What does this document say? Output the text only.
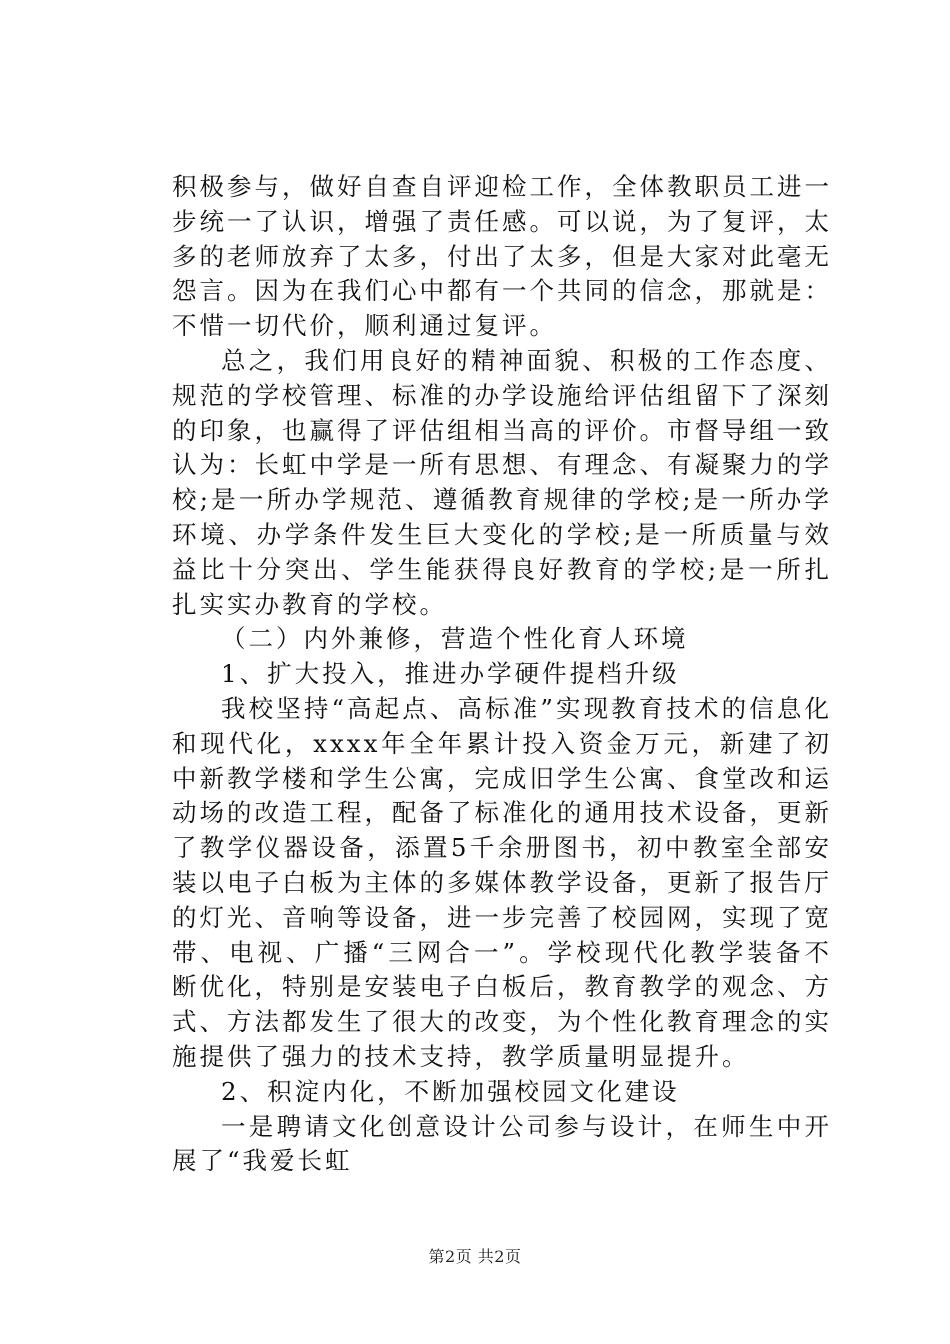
积极参与，做好自查自评迎检工作，全体教职员工进一步统一了认识，增强了责任感。可以说，为了复评，太多的老师放弃了太多，付出了太多，但是大家对此毫无怨言。因为在我们心中都有一个共同的信念，那就是：不惜一切代价，顺利通过复评。

总之，我们用良好的精神面貌、积极的工作态度、规范的学校管理、标准的办学设施给评估组留下了深刻的印象，也赢得了评估组相当高的评价。市督导组一致认为：长虹中学是一所有思想、有理念、有凝聚力的学校;是一所办学规范、遵循教育规律的学校;是一所办学环境、办学条件发生巨大变化的学校;是一所质量与效益比十分突出、学生能获得良好教育的学校;是一所扎扎实实办教育的学校。

（二）内外兼修，营造个性化育人环境

1、扩大投入，推进办学硬件提档升级

我校坚持“高起点、高标准”实现教育技术的信息化和现代化，xxxx年全年累计投入资金万元，新建了初中新教学楼和学生公寓，完成旧学生公寓、食堂改和运动场的改造工程，配备了标准化的通用技术设备，更新了教学仪器设备，添置5千余册图书，初中教室全部安装以电子白板为主体的多媒体教学设备，更新了报告厅的灯光、音响等设备，进一步完善了校园网，实现了宽带、电视、广播“三网合一”。学校现代化教学装备不断优化，特别是安装电子白板后，教育教学的观念、方式、方法都发生了很大的改变，为个性化教育理念的实施提供了强力的技术支持，教学质量明显提升。

2、积淀内化，不断加强校园文化建设

一是聘请文化创意设计公司参与设计，在师生中开展了“我爱长虹

第2页 共2页
